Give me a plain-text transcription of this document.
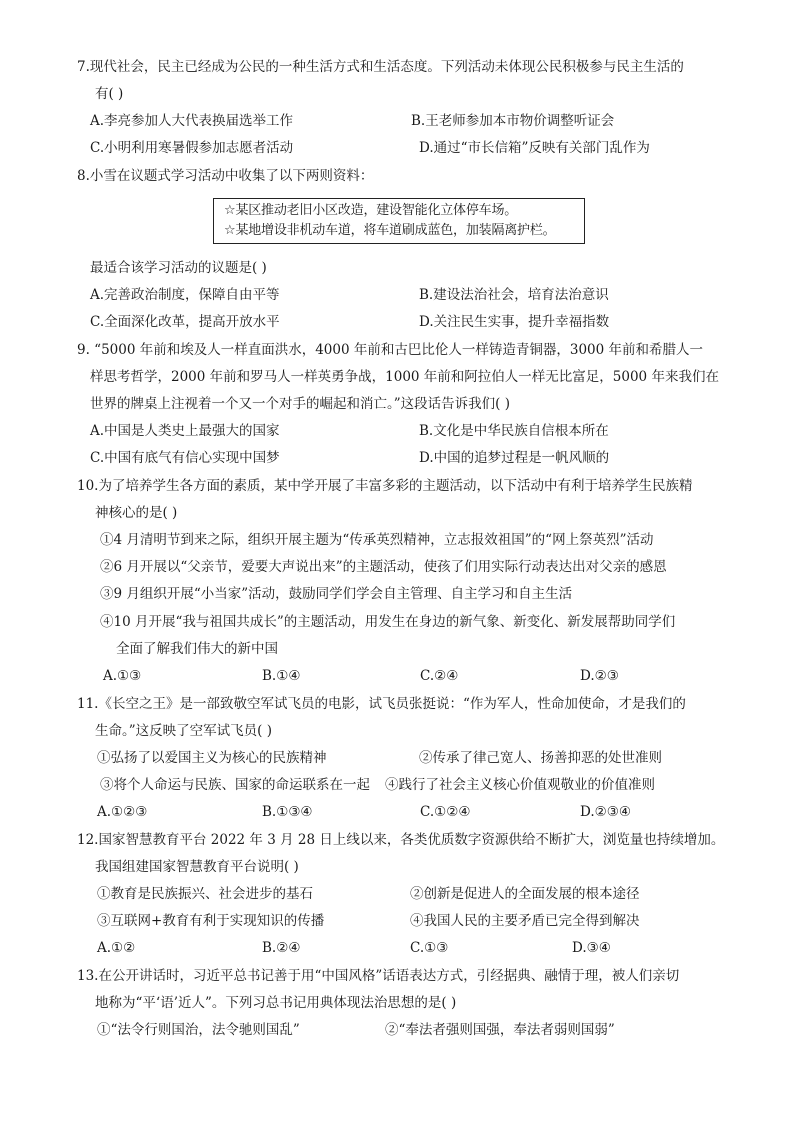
7.现代社会，民主已经成为公民的一种生活方式和生活态度。下列活动未体现公民积极参与民主生活的
有( )
A.李亮参加人大代表换届选举工作	B.王老师参加本市物价调整听证会
C.小明利用寒暑假参加志愿者活动	D.通过“市长信箱”反映有关部门乱作为
8.小雪在议题式学习活动中收集了以下两则资料：
☆某区推动老旧小区改造，建设智能化立体停车场。
☆某地增设非机动车道，将车道刷成蓝色，加装隔离护栏。
最适合该学习活动的议题是( )
A.完善政治制度，保障自由平等	B.建设法治社会，培育法治意识
C.全面深化改革，提高开放水平	D.关注民生实事，提升幸福指数
9. “5000 年前和埃及人一样直面洪水，4000 年前和古巴比伦人一样铸造青铜器，3000 年前和希腊人一
样思考哲学，2000 年前和罗马人一样英勇争战，1000 年前和阿拉伯人一样无比富足，5000 年来我们在
世界的牌桌上注视着一个又一个对手的崛起和消亡。”这段话告诉我们( )
A.中国是人类史上最强大的国家	B.文化是中华民族自信根本所在
C.中国有底气有信心实现中国梦	D.中国的追梦过程是一帆风顺的
10.为了培养学生各方面的素质，某中学开展了丰富多彩的主题活动，以下活动中有利于培养学生民族精
神核心的是( )
①4 月清明节到来之际，组织开展主题为“传承英烈精神，立志报效祖国”的“网上祭英烈”活动
②6 月开展以“父亲节，爱要大声说出来”的主题活动，使孩了们用实际行动表达出对父亲的感恩
③9 月组织开展“小当家”活动，鼓励同学们学会自主管理、自主学习和自主生活
④10 月开展“我与祖国共成长”的主题活动，用发生在身边的新气象、新变化、新发展帮助同学们
全面了解我们伟大的新中国
A.①③	B.①④	C.②④	D.②③
11.《长空之王》是一部致敬空军试飞员的电影，试飞员张挺说：“作为军人，性命加使命，才是我们的
生命。”这反映了空军试飞员( )
①弘扬了以爱国主义为核心的民族精神	②传承了律己宽人、扬善抑恶的处世准则
③将个人命运与民族、国家的命运联系在一起 ④践行了社会主义核心价值观敬业的价值准则
A.①②③	B.①③④	C.①②④	D.②③④
12.国家智慧教育平台 2022 年 3 月 28 日上线以来，各类优质数字资源供给不断扩大，浏览量也持续增加。
我国组建国家智慧教育平台说明( )
①教育是民族振兴、社会进步的基石	②创新是促进人的全面发展的根本途径
③互联网+教育有利于实现知识的传播	④我国人民的主要矛盾已完全得到解决
A.①②	B.②④	C.①③	D.③④
13.在公开讲话时，习近平总书记善于用“中国风格”话语表达方式，引经据典、融情于理，被人们亲切
地称为“平‘语’近人”。下列习总书记用典体现法治思想的是( )
①“法令行则国治，法令驰则国乱”	②“奉法者强则国强，奉法者弱则国弱”
